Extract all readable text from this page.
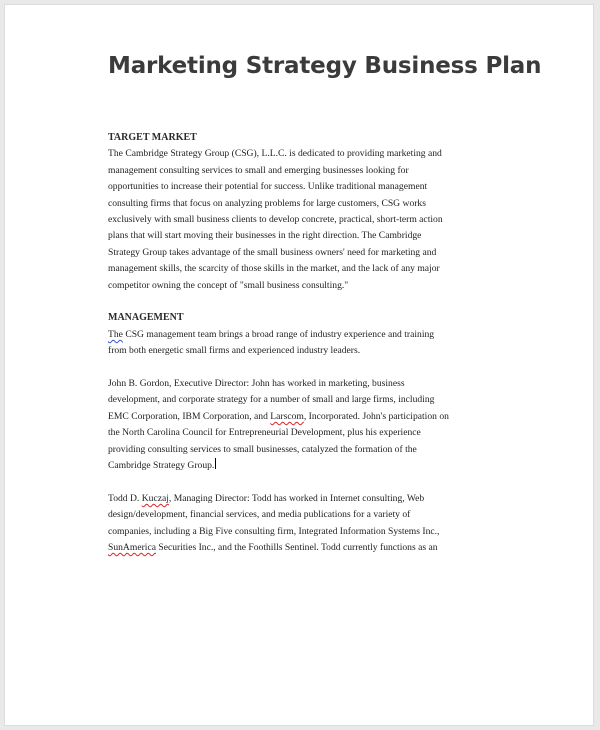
Marketing Strategy Business Plan
TARGET MARKET
The Cambridge Strategy Group (CSG), L.L.C. is dedicated to providing marketing and
management consulting services to small and emerging businesses looking for
opportunities to increase their potential for success. Unlike traditional management
consulting firms that focus on analyzing problems for large customers, CSG works
exclusively with small business clients to develop concrete, practical, short-term action
plans that will start moving their businesses in the right direction. The Cambridge
Strategy Group takes advantage of the small business owners' need for marketing and
management skills, the scarcity of those skills in the market, and the lack of any major
competitor owning the concept of "small business consulting."
MANAGEMENT
The CSG management team brings a broad range of industry experience and training
from both energetic small firms and experienced industry leaders.
John B. Gordon, Executive Director: John has worked in marketing, business
development, and corporate strategy for a number of small and large firms, including
EMC Corporation, IBM Corporation, and Larscom, Incorporated. John's participation on
the North Carolina Council for Entrepreneurial Development, plus his experience
providing consulting services to small businesses, catalyzed the formation of the
Cambridge Strategy Group.
Todd D. Kuczaj, Managing Director: Todd has worked in Internet consulting, Web
design/development, financial services, and media publications for a variety of
companies, including a Big Five consulting firm, Integrated Information Systems Inc.,
SunAmerica Securities Inc., and the Foothills Sentinel. Todd currently functions as an
